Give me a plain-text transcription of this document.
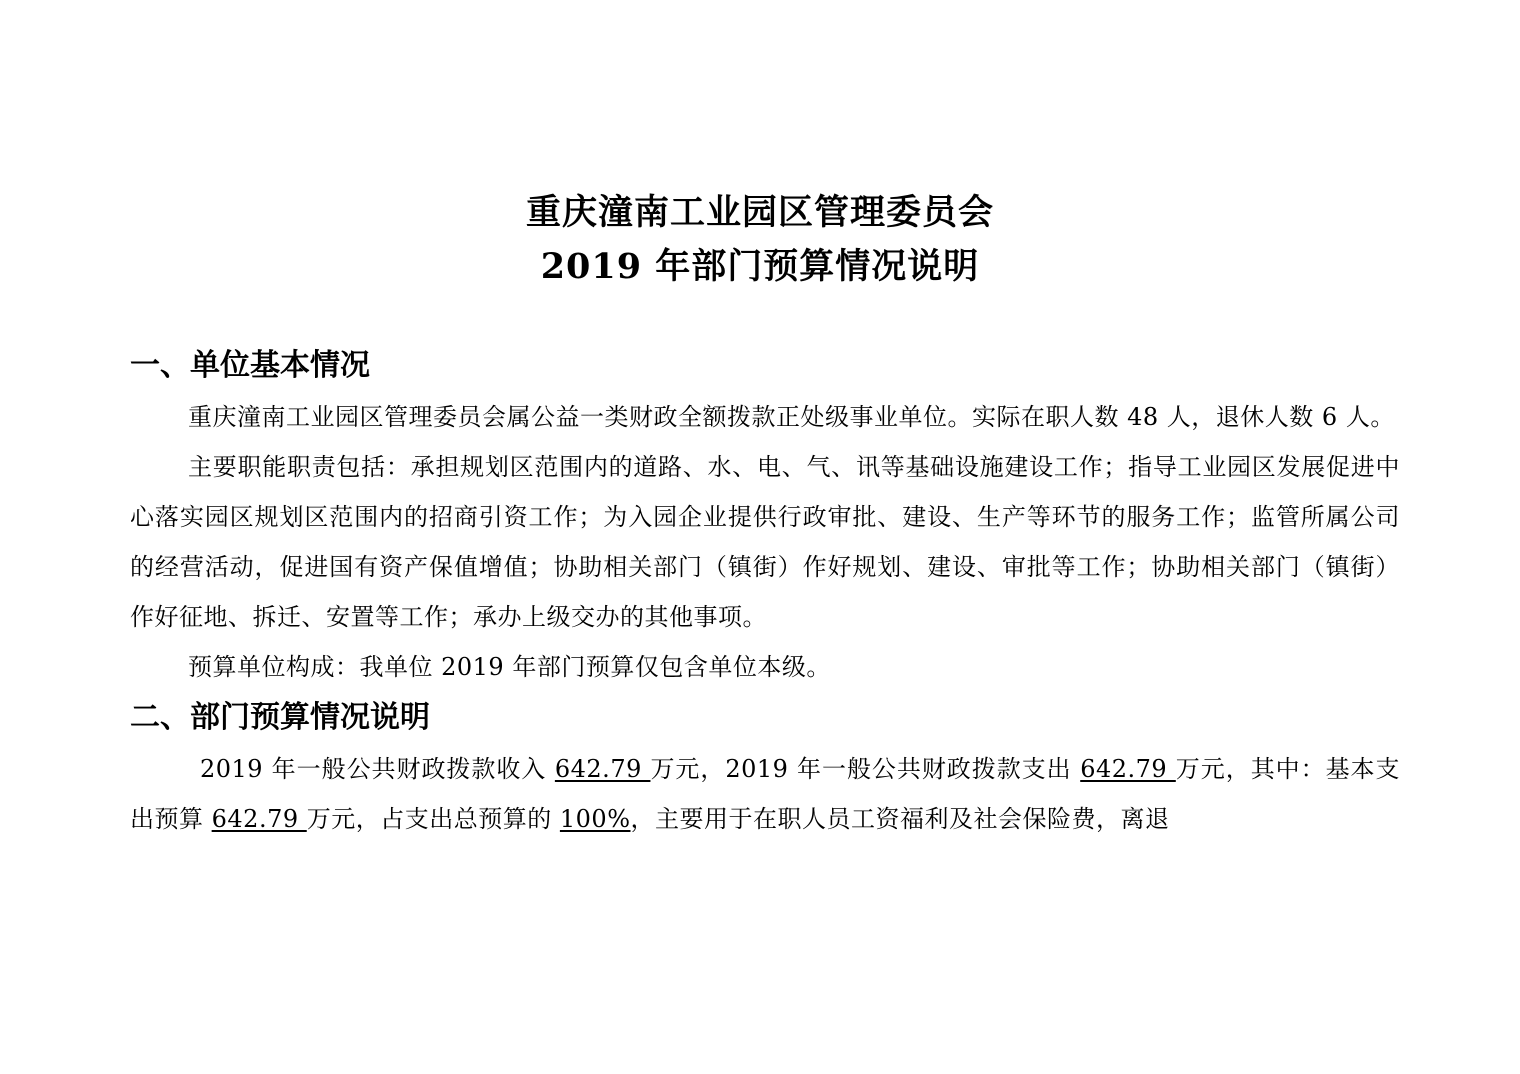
重庆潼南工业园区管理委员会
2019 年部门预算情况说明

一、单位基本情况

重庆潼南工业园区管理委员会属公益一类财政全额拨款正处级事业单位。实际在职人数 48 人，退休人数 6 人。

主要职能职责包括：承担规划区范围内的道路、水、电、气、讯等基础设施建设工作；指导工业园区发展促进中心落实园区规划区范围内的招商引资工作；为入园企业提供行政审批、建设、生产等环节的服务工作；监管所属公司的经营活动，促进国有资产保值增值；协助相关部门（镇街）作好规划、建设、审批等工作；协助相关部门（镇街）作好征地、拆迁、安置等工作；承办上级交办的其他事项。

预算单位构成：我单位 2019 年部门预算仅包含单位本级。

二、部门预算情况说明

2019 年一般公共财政拨款收入 642.79 万元，2019 年一般公共财政拨款支出 642.79 万元，其中：基本支出预算 642.79 万元，占支出总预算的 100%，主要用于在职人员工资福利及社会保险费，离退
